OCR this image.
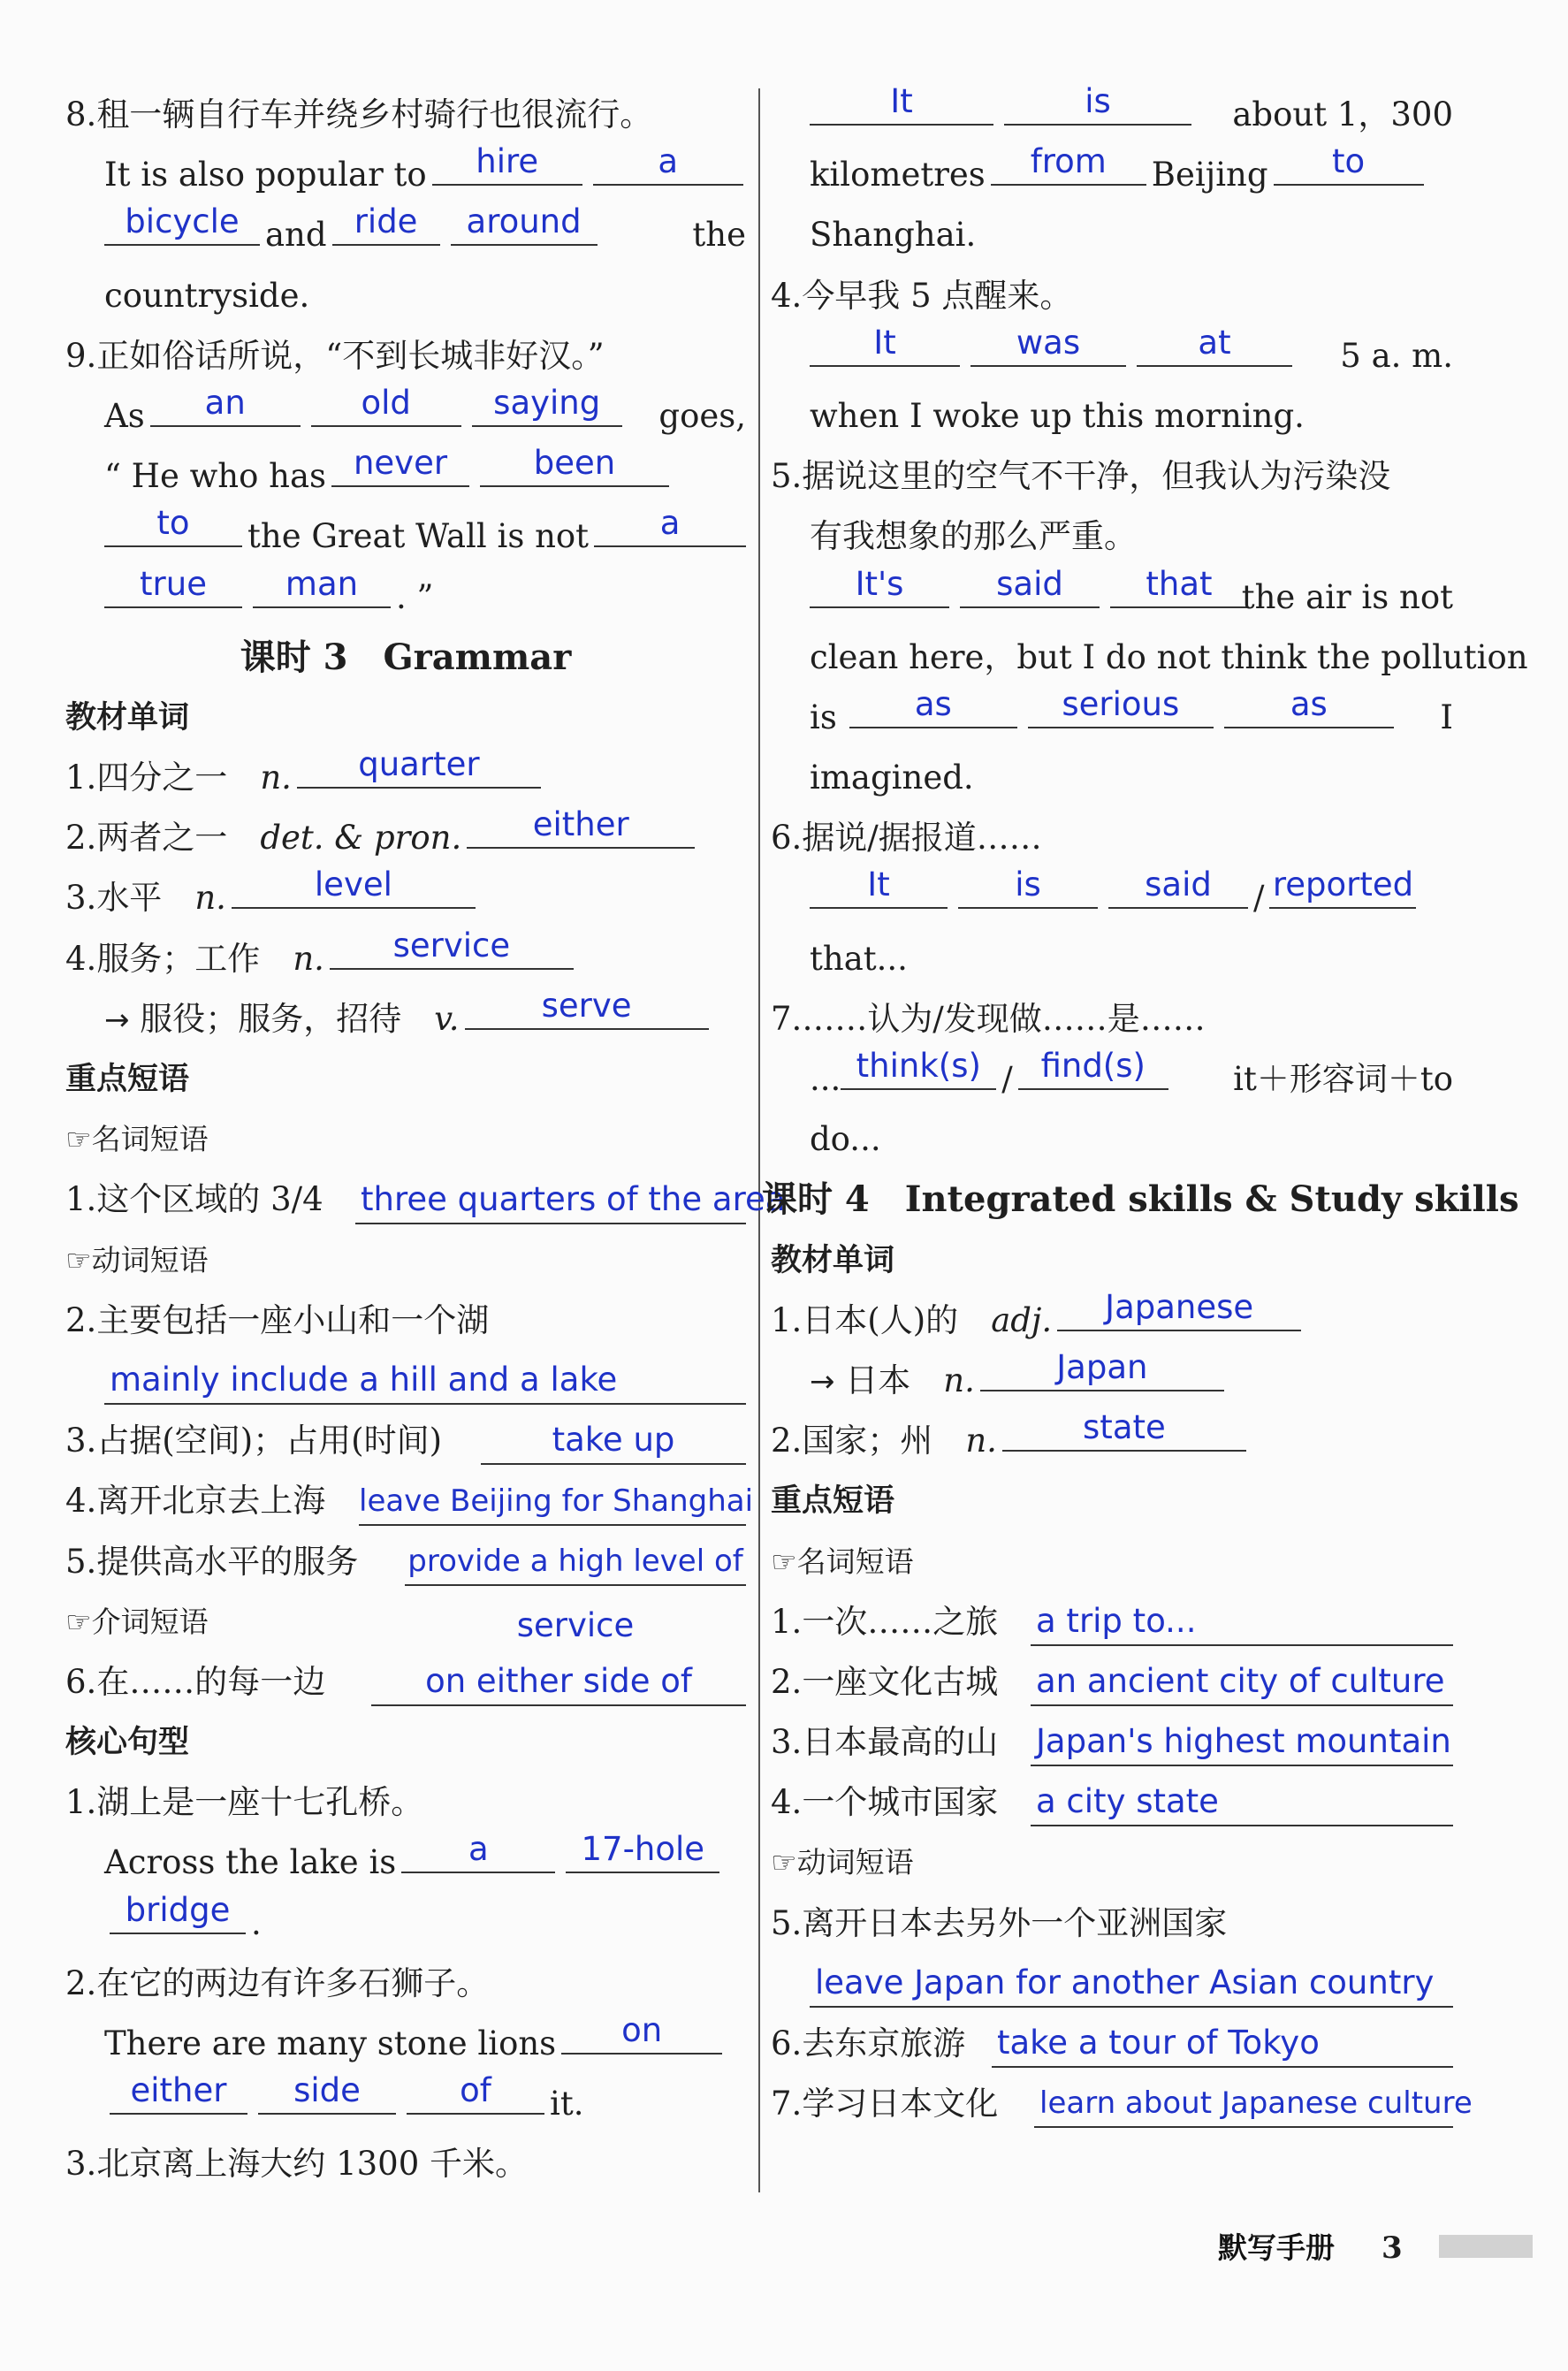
8.租一辆自行车并绕乡村骑行也很流行。
It is also popular to	hire	a
bicycle and ride	around	the
countryside.
9.正如俗话所说，“不到长城非好汉。”
As	an	old	saying	goes,
“ He who has never	been
to	the Great Wall is not	a
true	man	. ”
课时 3　Grammar
教材单词
1.四分之一　 n.	quarter
2.两者之一　 det. & pron.	either
3.水平　 n.	level
4.服务；工作　 n.	service
→ 服役；服务，招待　 v.	serve
重点短语
☞名词短语
1.这个区域的 3/4 three quarters of the area
☞动词短语
2.主要包括一座小山和一个湖
mainly include a hill and a lake
3.占据(空间)；占用(时间)	take up
4.离开北京去上海 leave Beijing for Shanghai
5.提供高水平的服务 provide a high level of
☞介词短语	service
6.在……的每一边	on either side of
核心句型
1.湖上是一座十七孔桥。
Across the lake is	a	17-hole
bridge .
2.在它的两边有许多石狮子。
There are many stone lions	on
either	side	of	it.
3.北京离上海大约 1300 千米。
It	is	about 1，300
kilometres	from	Beijing	to
Shanghai.
4.今早我 5 点醒来。
It	was	at	5 a. m.
when I woke up this morning.
5.据说这里的空气不干净，但我认为污染没
有我想象的那么严重。
It's	said	that the air is not
clean here，but I do not think the pollution
is	as	serious	as	I
imagined.
6.据说/据报道……
It	is	said	/ reported
that...
7.……认为/发现做……是……
... think(s) / find(s)	it＋形容词＋to
do...
课时 4　Integrated skills & Study skills
教材单词
1.日本(人)的　 adj.	Japanese
→ 日本　 n.	Japan
2.国家；州　 n.	state
重点短语
☞名词短语
1.一次……之旅 a trip to...
2.一座文化古城 an ancient city of culture
3.日本最高的山 Japan's highest mountain
4.一个城市国家 a city state
☞动词短语
5.离开日本去另外一个亚洲国家
leave Japan for another Asian country
6.去东京旅游 take a tour of Tokyo
7.学习日本文化 learn about Japanese culture
默写手册 3
